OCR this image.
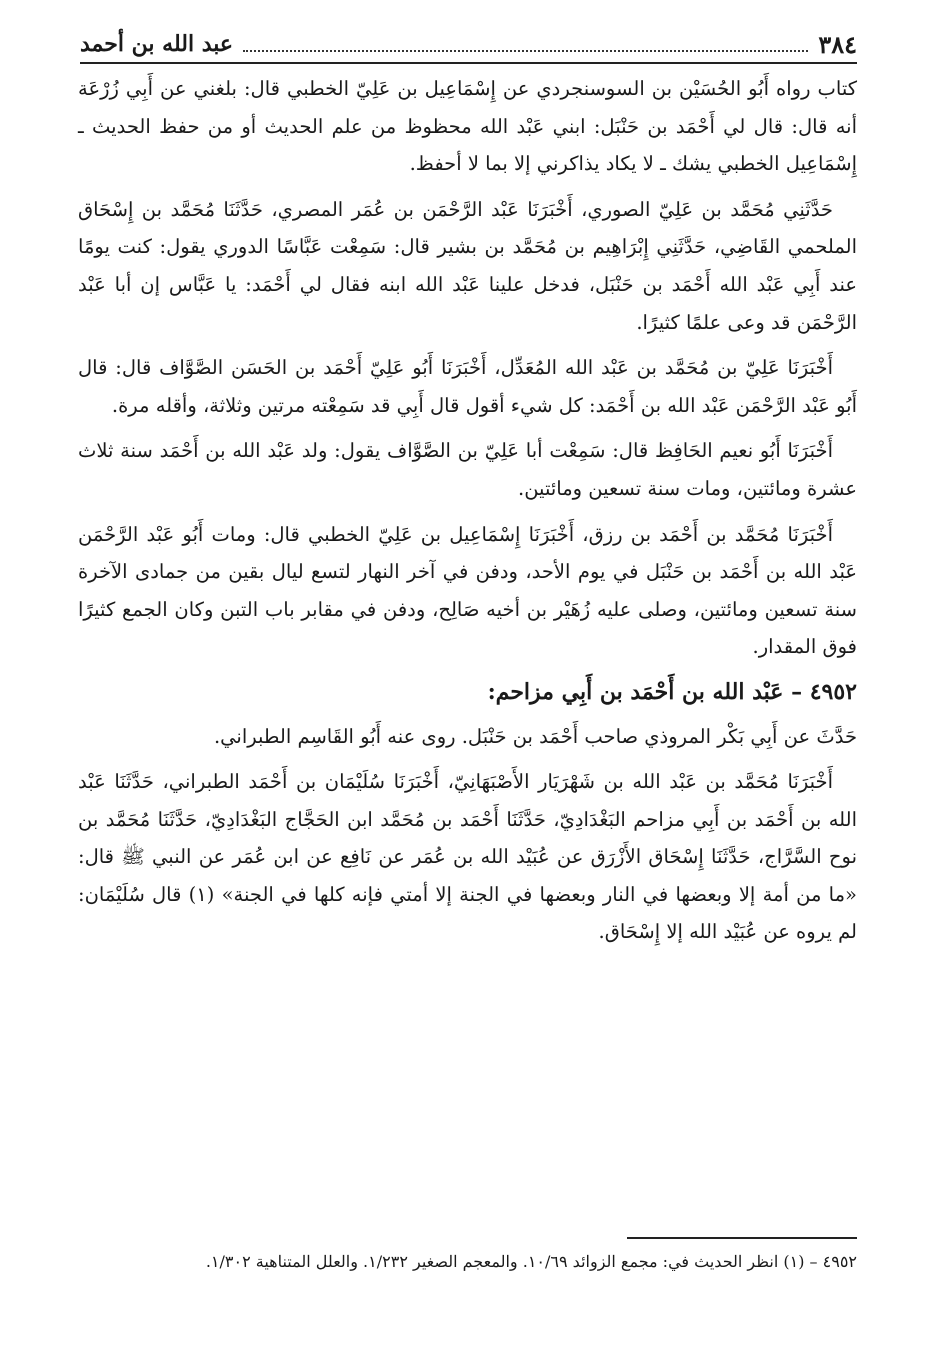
٣٨٤
عبد الله بن أحمد

كتاب رواه أَبُو الحُسَيْن بن السوسنجردي عن إِسْمَاعِيل بن عَلِيّ الخطبي قال: بلغني عن أَبِي زُرْعَة أنه قال: قال لي أَحْمَد بن حَنْبَل: ابني عَبْد الله محظوظ من علم الحديث أو من حفظ الحديث ـ إِسْمَاعِيل الخطبي يشك ـ لا يكاد يذاكرني إلا بما لا أحفظ.

حَدَّثَنِي مُحَمَّد بن عَلِيّ الصوري، أَخْبَرَنَا عَبْد الرَّحْمَن بن عُمَر المصري، حَدَّثَنَا مُحَمَّد بن إِسْحَاق الملحمي القَاضِي، حَدَّثَنِي إِبْرَاهِيم بن مُحَمَّد بن بشير قال: سَمِعْت عَبَّاسًا الدوري يقول: كنت يومًا عند أَبِي عَبْد الله أَحْمَد بن حَنْبَل، فدخل علينا عَبْد الله ابنه فقال لي أَحْمَد: يا عَبَّاس إن أبا عَبْد الرَّحْمَن قد وعى علمًا كثيرًا.

أَخْبَرَنَا عَلِيّ بن مُحَمَّد بن عَبْد الله المُعَدِّل، أَخْبَرَنَا أَبُو عَلِيّ أَحْمَد بن الحَسَن الصَّوَّاف قال: قال أَبُو عَبْد الرَّحْمَن عَبْد الله بن أَحْمَد: كل شيء أقول قال أَبِي قد سَمِعْته مرتين وثلاثة، وأقله مرة.

أَخْبَرَنَا أَبُو نعيم الحَافِظ قال: سَمِعْت أبا عَلِيّ بن الصَّوَّاف يقول: ولد عَبْد الله بن أَحْمَد سنة ثلاث عشرة ومائتين، ومات سنة تسعين ومائتين.

أَخْبَرَنَا مُحَمَّد بن أَحْمَد بن رزق، أَخْبَرَنَا إِسْمَاعِيل بن عَلِيّ الخطبي قال: ومات أَبُو عَبْد الرَّحْمَن عَبْد الله بن أَحْمَد بن حَنْبَل في يوم الأحد، ودفن في آخر النهار لتسع ليال بقين من جمادى الآخرة سنة تسعين ومائتين، وصلى عليه زُهَيْر بن أخيه صَالِح، ودفن في مقابر باب التبن وكان الجمع كثيرًا فوق المقدار.

٤٩٥٢ – عَبْد الله بن أَحْمَد بن أَبِي مزاحم:

حَدَّثَ عن أَبِي بَكْر المروذي صاحب أَحْمَد بن حَنْبَل. روى عنه أَبُو القَاسِم الطبراني.

أَخْبَرَنَا مُحَمَّد بن عَبْد الله بن شَهْرَيَار الأَصْبَهَانِيّ، أَخْبَرَنَا سُلَيْمَان بن أَحْمَد الطبراني، حَدَّثَنَا عَبْد الله بن أَحْمَد بن أَبِي مزاحم البَغْدَادِيّ، حَدَّثَنَا أَحْمَد بن مُحَمَّد ابن الحَجَّاج البَغْدَادِيّ، حَدَّثَنَا مُحَمَّد بن نوح السَّرَّاج، حَدَّثَنَا إِسْحَاق الأَزْرَق عن عُبَيْد الله بن عُمَر عن نَافِع عن ابن عُمَر عن النبي ﷺ قال: «ما من أمة إلا وبعضها في النار وبعضها في الجنة إلا أمتي فإنه كلها في الجنة» (١) قال سُلَيْمَان: لم يروه عن عُبَيْد الله إلا إِسْحَاق.

٤٩٥٢ – (١) انظر الحديث في: مجمع الزوائد ١٠/٦٩. والمعجم الصغير ١/٢٣٢. والعلل المتناهية ١/٣٠٢.
